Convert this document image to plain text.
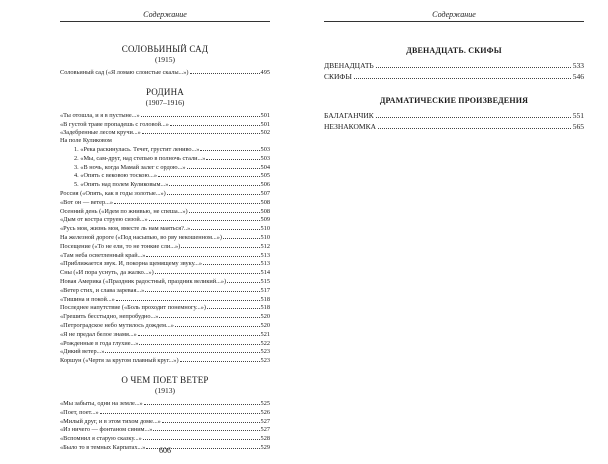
Содержание
СОЛОВЬИНЫЙ САД
(1915)
Соловьиный сад («Я ломаю слоистые скалы...»)	495
РОДИНА
(1907–1916)
«Ты отошла, и я в пустыне...»	501
«В густой траве пропадешь с головой...»	501
«Задебренные лесом кручи...»	502
На поле Куликовом
1. «Река раскинулась. Течет, грустит лениво...»	503
2. «Мы, сам-друг, над степью в полночь стали...»	503
3. «В ночь, когда Мамай залег с ордою...»	504
4. «Опять с вековою тоскою...»	505
5. «Опять над полем Куликовым...»	506
Россия («Опять, как в годы золотые...»)	507
«Вот он — ветер...»	508
Осенний день («Идем по жнивью, не спеша...»)	508
«Дым от костра струею сизой...»	509
«Русь моя, жизнь моя, вместе ль нам маяться?..»	510
На железной дороге («Под насыпью, во рву некошенном...»)	510
Посещение («То не ели, то не тонкие сли...»)	512
«Там неба осветленный край...»	513
«Приближается звук. И, покорна щемящему звуку...»	513
Сны («И пора уснуть, да жалко...»)	514
Новая Америка («Праздник радостный, праздник великий...»)	515
«Ветер стих, и слава заревая...»	517
«Тишина и покой...»	518
Последнее напутствие («Боль проходит понемногу...»)	518
«Грешить бесстыдно, непробудно...»	520
«Петроградское небо мутилось дождем...»	520
«Я не предал белое знамя...»	521
«Рожденные в года глухие...»	522
«Дикий ветер...»	523
Коршун («Чертя за кругом плавный круг...»)	523
О ЧЕМ ПОЕТ ВЕТЕР
(1913)
«Мы забыты, одни на земле...»	525
«Поет, поет...»	526
«Милый друг, и в этом тихом доме...»	527
«Из ничего — фонтаном синим...»	527
«Вспомнил я старую сказку...»	528
«Было то в темных Карпатах...»	529
606
Содержание
ДВЕНАДЦАТЬ. СКИФЫ
ДВЕНАДЦАТЬ	533
СКИФЫ	546
ДРАМАТИЧЕСКИЕ ПРОИЗВЕДЕНИЯ
БАЛАГАНЧИК	551
НЕЗНАКОМКА	565
